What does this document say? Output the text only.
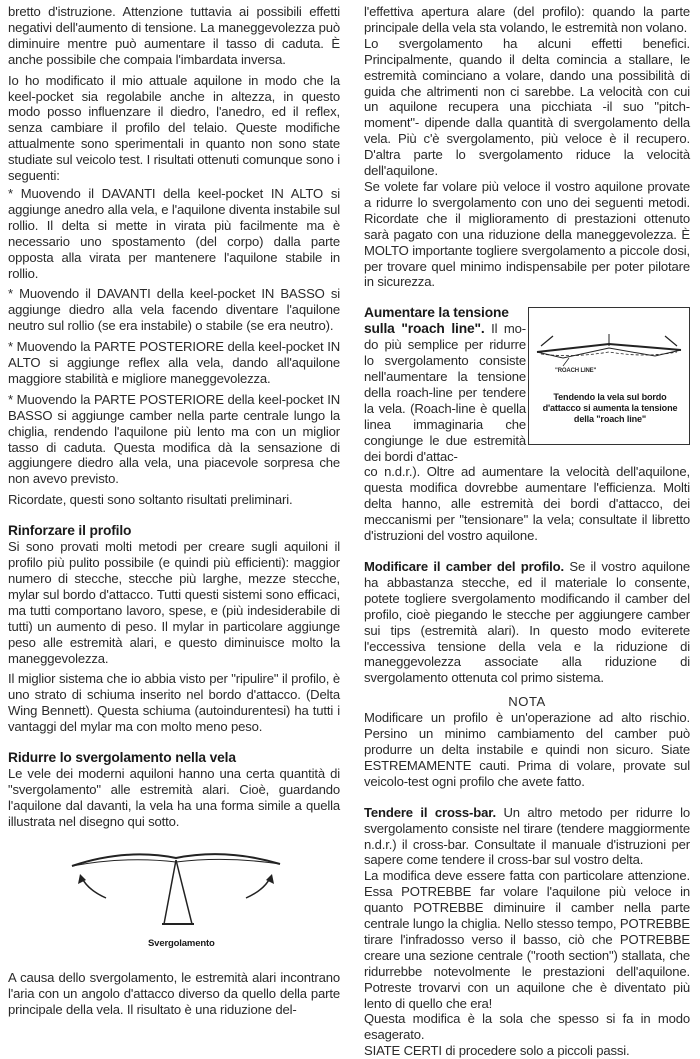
bretto d'istruzione. Attenzione tuttavia ai possibili effetti negativi dell'aumento di tensione. La maneggevolezza può diminuire mentre può aumentare il tasso di caduta. È anche possibile che compaia l'imbardata inversa.

Io ho modificato il mio attuale aquilone in modo che la keel-pocket sia regolabile anche in altezza, in questo modo posso influenzare il diedro, l'anedro, ed il reflex, senza cambiare il profilo del telaio. Queste modifiche attualmente sono sperimentali in quanto non sono state studiate sul veicolo test. I risultati ottenuti comunque sono i seguenti:

* Muovendo il DAVANTI della keel-pocket IN ALTO si aggiunge anedro alla vela, e l'aquilone diventa instabile sul rollio. Il delta si mette in virata più facilmente ma è necessario uno spostamento (del corpo) dalla parte opposta alla virata per mantenere l'aquilone stabile in rollio.

* Muovendo il DAVANTI della keel-pocket IN BASSO si aggiunge diedro alla vela facendo diventare l'aquilone neutro sul rollio (se era instabile) o stabile (se era neutro).

* Muovendo la PARTE POSTERIORE della keel-pocket IN ALTO si aggiunge reflex alla vela, dando all'aquilone maggiore stabilità e migliore maneggevolezza.

* Muovendo la PARTE POSTERIORE della keel-pocket IN BASSO si aggiunge camber nella parte centrale lungo la chiglia, rendendo l'aquilone più lento ma con un miglior tasso di caduta. Questa modifica dà la sensazione di aggiungere diedro alla vela, una piacevole sorpresa che non avevo previsto.

Ricordate, questi sono soltanto risultati preliminari.

Rinforzare il profilo

Si sono provati molti metodi per creare sugli aquiloni il profilo più pulito possibile (e quindi più efficienti): maggior numero di stecche, stecche più larghe, mezze stecche, mylar sul bordo d'attacco. Tutti questi sistemi sono efficaci, ma tutti comportano lavoro, spese, e (più indesiderabile di tutti) un aumento di peso. Il mylar in particolare aggiunge peso alle estremità alari, e questo diminuisce molto la maneggevolezza.

Il miglior sistema che io abbia visto per "ripulire" il profilo, è uno strato di schiuma inserito nel bordo d'attacco. (Delta Wing Bennett). Questa schiuma (autoindurentesi) ha tutti i vantaggi del mylar ma con molto meno peso.

Ridurre lo svergolamento nella vela

Le vele dei moderni aquiloni hanno una certa quantità di "svergolamento" alle estremità alari. Cioè, guardando l'aquilone dal davanti, la vela ha una forma simile a quella illustrata nel disegno qui sotto.

Svergolamento

A causa dello svergolamento, le estremità alari incontrano l'aria con un angolo d'attacco diverso da quello della parte principale della vela. Il risultato è una riduzione del-

l'effettiva apertura alare (del profilo): quando la parte principale della vela sta volando, le estremità non volano.

Lo svergolamento ha alcuni effetti benefici. Principalmente, quando il delta comincia a stallare, le estremità cominciano a volare, dando una possibilità di guida che altrimenti non ci sarebbe. La velocità con cui un aquilone recupera una picchiata -il suo "pitch-moment"- dipende dalla quantità di svergolamento della vela. Più c'è svergolamento, più veloce è il recupero. D'altra parte lo svergolamento riduce la velocità dell'aquilone.

Se volete far volare più veloce il vostro aquilone provate a ridurre lo svergolamento con uno dei seguenti metodi. Ricordate che il miglioramento di prestazioni ottenuto sarà pagato con una riduzione della maneggevolezza. È MOLTO importante togliere svergolamento a piccole dosi, per trovare quel minimo indispensabile per poter pilotare in sicurezza.

"ROACH LINE"
Tendendo la vela sul bordo d'attacco si aumenta la tensione della "roach line"
Aumentare la tensione
sulla "roach line". Il mo- do più semplice per ridurre lo svergolamento consiste nell'aumentare la tensione della roach-line per tendere la vela. (Roach-line è quella linea immaginaria che congiunge le due estremità dei bordi d'attac-

co n.d.r.). Oltre ad aumentare la velocità dell'aquilone, questa modifica dovrebbe aumentare l'efficienza. Molti delta hanno, alle estremità dei bordi d'attacco, dei meccanismi per "tensionare" la vela; consultate il libretto d'istruzioni del vostro aquilone.

Modificare il camber del profilo. Se il vostro aquilone ha abbastanza stecche, ed il materiale lo consente, potete togliere svergolamento modificando il camber del profilo, cioè piegando le stecche per aggiungere camber sui tips (estremità alari). In questo modo eviterete l'eccessiva tensione della vela e la riduzione di maneggevolezza associate alla riduzione di svergolamento ottenuta col primo sistema.

NOTA

Modificare un profilo è un'operazione ad alto rischio. Persino un minimo cambiamento del camber può produrre un delta instabile e quindi non sicuro. Siate ESTREMAMENTE cauti. Prima di volare, provate sul veicolo-test ogni profilo che avete fatto.

Tendere il cross-bar. Un altro metodo per ridurre lo svergolamento consiste nel tirare (tendere maggiormente n.d.r.) il cross-bar. Consultate il manuale d'istruzioni per sapere come tendere il cross-bar sul vostro delta.

La modifica deve essere fatta con particolare attenzione. Essa POTREBBE far volare l'aquilone più veloce in quanto POTREBBE diminuire il camber nella parte centrale lungo la chiglia. Nello stesso tempo, POTREBBE tirare l'infradosso verso il basso, ciò che POTREBBE creare una sezione centrale ("rooth section") stallata, che ridurrebbe notevolmente le prestazioni dell'aquilone. Potreste trovarvi con un aquilone che è diventato più lento di quello che era!

Questa modifica è la sola che spesso si fa in modo esagerato.

SIATE CERTI di procedere solo a piccoli passi.
